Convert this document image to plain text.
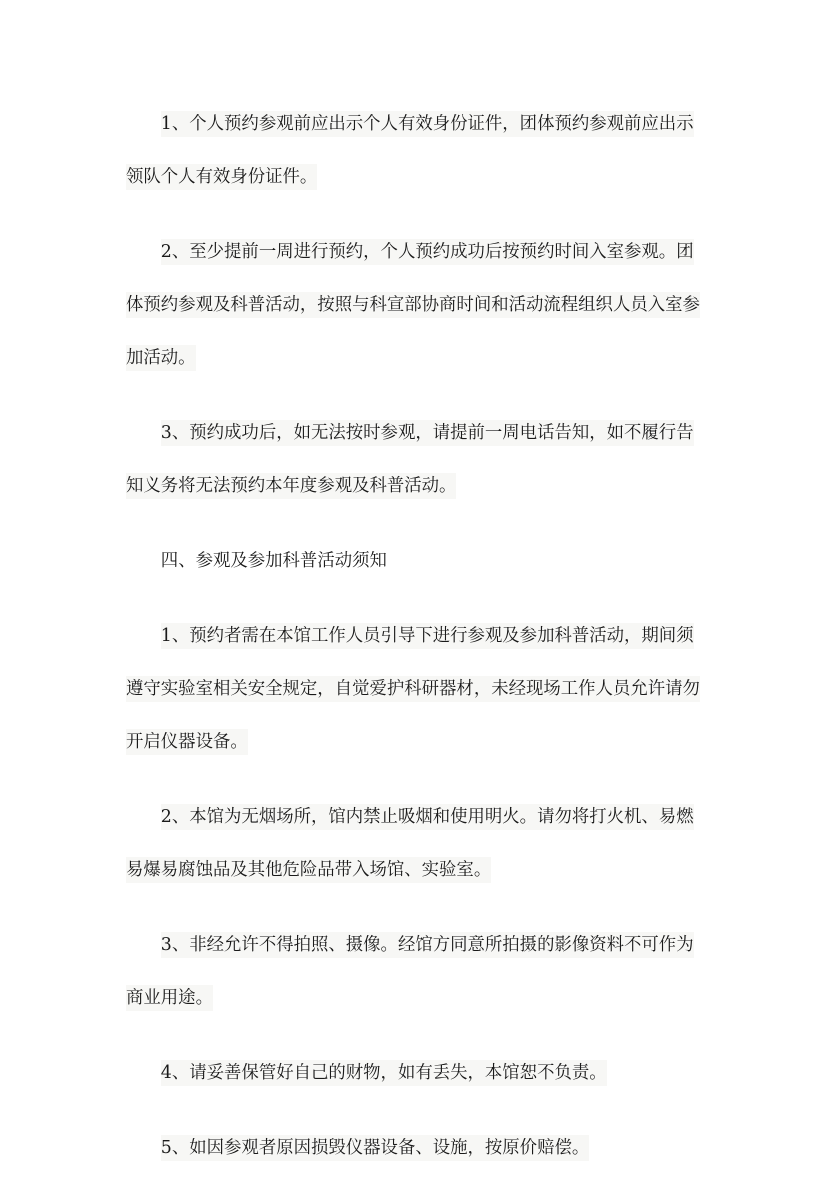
1、个人预约参观前应出示个人有效身份证件，团体预约参观前应出示领队个人有效身份证件。

2、至少提前一周进行预约，个人预约成功后按预约时间入室参观。团体预约参观及科普活动，按照与科宣部协商时间和活动流程组织人员入室参加活动。

3、预约成功后，如无法按时参观，请提前一周电话告知，如不履行告知义务将无法预约本年度参观及科普活动。

四、参观及参加科普活动须知

1、预约者需在本馆工作人员引导下进行参观及参加科普活动，期间须遵守实验室相关安全规定，自觉爱护科研器材，未经现场工作人员允许请勿开启仪器设备。

2、本馆为无烟场所，馆内禁止吸烟和使用明火。请勿将打火机、易燃易爆易腐蚀品及其他危险品带入场馆、实验室。

3、非经允许不得拍照、摄像。经馆方同意所拍摄的影像资料不可作为商业用途。

4、请妥善保管好自己的财物，如有丢失，本馆恕不负责。

5、如因参观者原因损毁仪器设备、设施，按原价赔偿。
